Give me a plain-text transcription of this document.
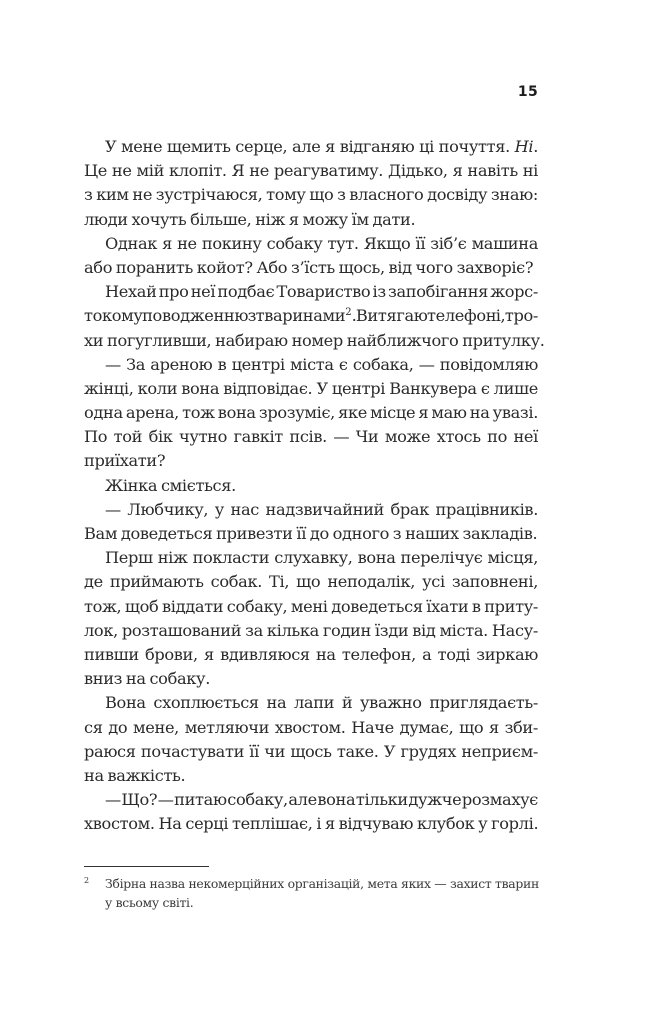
15
У мене щемить серце, але я відганяю ці почуття. Ні.
Це не мій клопіт. Я не реагуватиму. Дідько, я навіть ні
з ким не зустрічаюся, тому що з власного досвіду знаю:
люди хочуть більше, ніж я можу їм дати.
Однак я не покину собаку тут. Якщо її зіб’є машина
або поранить койот? Або з’їсть щось, від чого захворіє?
Нехай про неї подбає Товариство із запобігання жорс-
токому поводженню з тваринами$^2$. Витягаю телефон і, тро-
хи погугливши, набираю номер найближчого притулку.
— За ареною в центрі міста є собака, — повідомляю
жінці, коли вона відповідає. У центрі Ванкувера є лише
одна арена, тож вона зрозуміє, яке місце я маю на увазі.
По той бік чутно гавкіт псів. — Чи може хтось по неї
приїхати?
Жінка сміється.
— Любчику, у нас надзвичайний брак працівників.
Вам доведеться привезти її до одного з наших закладів.
Перш ніж покласти слухавку, вона перелічує місця,
де приймають собак. Ті, що неподалік, усі заповнені,
тож, щоб віддати собаку, мені доведеться їхати в приту-
лок, розташований за кілька годин їзди від міста. Насу-
пивши брови, я вдивляюся на телефон, а тоді зиркаю
вниз на собаку.
Вона схоплюється на лапи й уважно приглядаєть-
ся до мене, метляючи хвостом. Наче думає, що я зби-
раюся почастувати її чи щось таке. У грудях неприєм-
на важкість.
— Що? — питаю собаку, але вона тільки дужче розмахує
хвостом. На серці теплішає, і я відчуваю клубок у горлі.
2 Збірна назва некомерційних організацій, мета яких — захист тварин
у всьому світі.
